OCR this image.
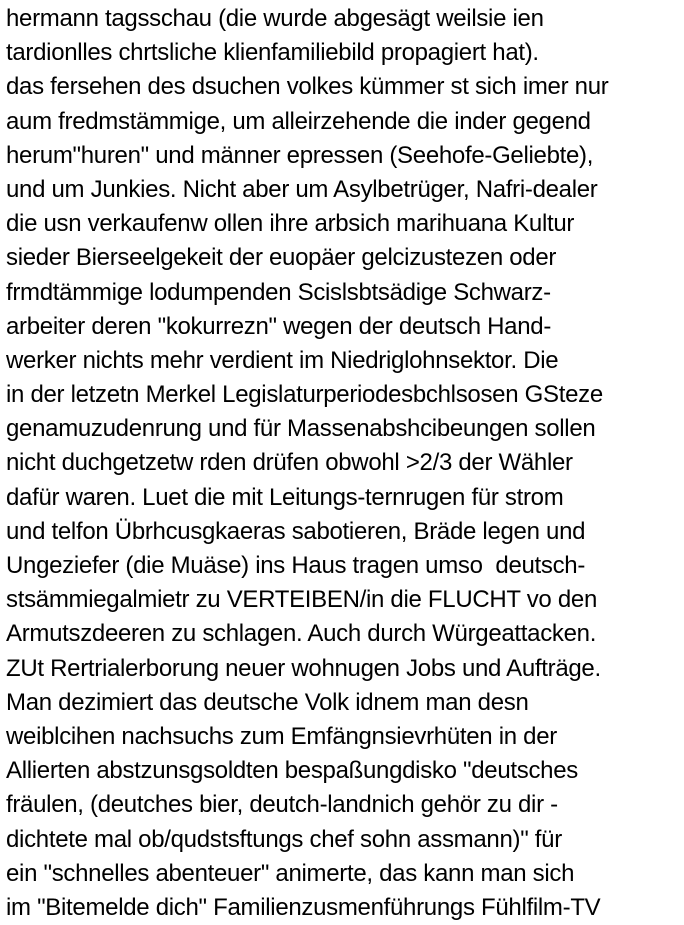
hermann tagsschau (die wurde abgesägt weilsie ien
tardionlles chrtsliche klienfamiliebild propagiert hat).
das fersehen des dsuchen volkes kümmer st sich imer nur
aum fredmstämmige, um alleirzehende die inder gegend
herum"huren" und männer epressen (Seehofe-Geliebte),
und um Junkies. Nicht aber um Asylbetrüger, Nafri-dealer
die usn verkaufenw ollen ihre arbsich marihuana Kultur
sieder Bierseelgekeit der euopäer gelcizustezen oder
frmdtämmige lodumpenden Scislsbtsädige Schwarz-
arbeiter deren "kokurrezn" wegen der deutsch Hand-
werker nichts mehr verdient im Niedriglohnsektor. Die
in der letzetn Merkel Legislaturperiodesbchlsosen GSteze
genamuzudenrung und für Massenabshcibeungen sollen
nicht duchgetzetw rden drüfen obwohl >2/3 der Wähler
dafür waren. Luet die mit Leitungs-ternrugen für strom
und telfon Übrhcusgkaeras sabotieren, Bräde legen und
Ungeziefer (die Muäse) ins Haus tragen umso  deutsch-
stsämmiegalmietr zu VERTEIBEN/in die FLUCHT vo den
Armutszdeeren zu schlagen. Auch durch Würgeattacken.
ZUt Rertrialerborung neuer wohnugen Jobs und Aufträge.
Man dezimiert das deutsche Volk idnem man desn
weiblcihen nachsuchs zum Emfängnsievrhüten in der
Allierten abstzunsgsoldten bespaßungdisko "deutsches
fräulen, (deutches bier, deutch-landnich gehör zu dir -
dichtete mal ob/qudstsftungs chef sohn assmann)" für
ein "schnelles abenteuer" animerte, das kann man sich
im "Bitemelde dich" Familienzusmenführungs Fühlfilm-TV
